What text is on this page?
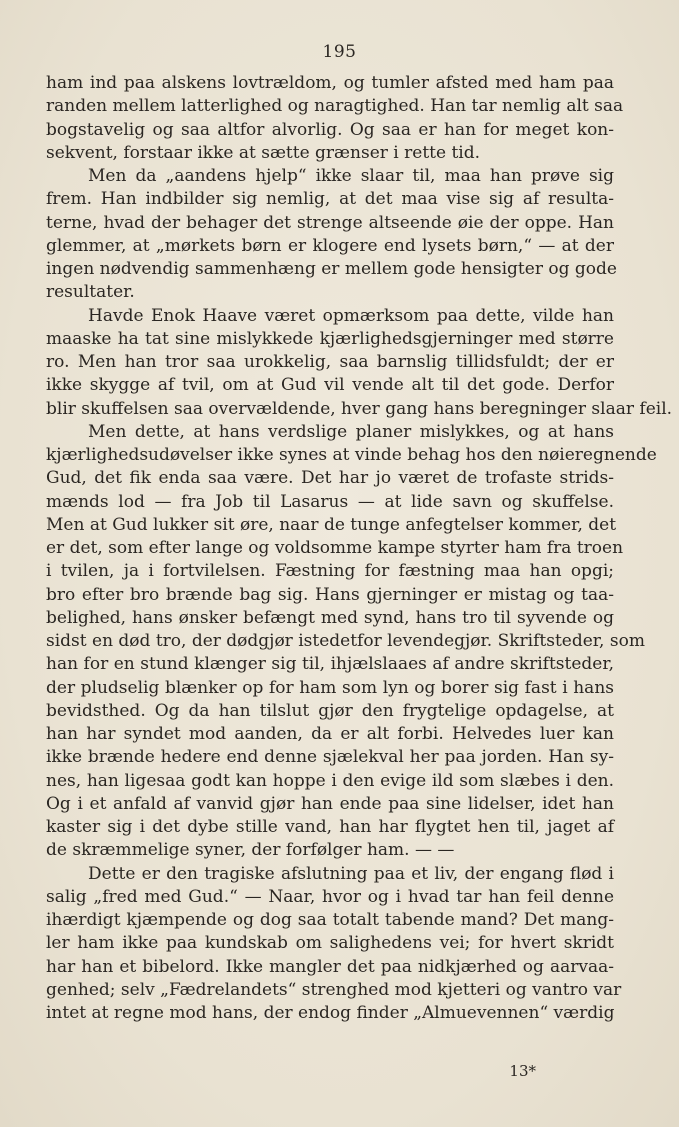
195
ham ind paa alskens lovtrældom, og tumler afsted med ham paa
randen mellem latterlighed og naragtighed. Han tar nemlig alt saa
bogstavelig og saa altfor alvorlig. Og saa er han for meget kon-
sekvent, forstaar ikke at sætte grænser i rette tid.
Men da „aandens hjelp“ ikke slaar til, maa han prøve sig
frem. Han indbilder sig nemlig, at det maa vise sig af resulta-
terne, hvad der behager det strenge altseende øie der oppe. Han
glemmer, at „mørkets børn er klogere end lysets børn,“ — at der
ingen nødvendig sammenhæng er mellem gode hensigter og gode
resultater.
Havde Enok Haave været opmærksom paa dette, vilde han
maaske ha tat sine mislykkede kjærlighedsgjerninger med større
ro. Men han tror saa urokkelig, saa barnslig tillidsfuldt; der er
ikke skygge af tvil, om at Gud vil vende alt til det gode. Derfor
blir skuffelsen saa overvældende, hver gang hans beregninger slaar feil.
Men dette, at hans verdslige planer mislykkes, og at hans
kjærlighedsudøvelser ikke synes at vinde behag hos den nøieregnende
Gud, det fik enda saa være. Det har jo været de trofaste strids-
mænds lod — fra Job til Lasarus — at lide savn og skuffelse.
Men at Gud lukker sit øre, naar de tunge anfegtelser kommer, det
er det, som efter lange og voldsomme kampe styrter ham fra troen
i tvilen, ja i fortvilelsen. Fæstning for fæstning maa han opgi;
bro efter bro brænde bag sig. Hans gjerninger er mistag og taa-
belighed, hans ønsker befængt med synd, hans tro til syvende og
sidst en død tro, der dødgjør istedetfor levendegjør. Skriftsteder, som
han for en stund klænger sig til, ihjælslaaes af andre skriftsteder,
der pludselig blænker op for ham som lyn og borer sig fast i hans
bevidsthed. Og da han tilslut gjør den frygtelige opdagelse, at
han har syndet mod aanden, da er alt forbi. Helvedes luer kan
ikke brænde hedere end denne sjælekval her paa jorden. Han sy-
nes, han ligesaa godt kan hoppe i den evige ild som slæbes i den.
Og i et anfald af vanvid gjør han ende paa sine lidelser, idet han
kaster sig i det dybe stille vand, han har flygtet hen til, jaget af
de skræmmelige syner, der forfølger ham. — —
Dette er den tragiske afslutning paa et liv, der engang flød i
salig „fred med Gud.“ — Naar, hvor og i hvad tar han feil denne
ihærdigt kjæmpende og dog saa totalt tabende mand? Det mang-
ler ham ikke paa kundskab om salighedens vei; for hvert skridt
har han et bibelord. Ikke mangler det paa nidkjærhed og aarvaa-
genhed; selv „Fædrelandets“ strenghed mod kjetteri og vantro var
intet at regne mod hans, der endog finder „Almuevennen“ værdig
13*
